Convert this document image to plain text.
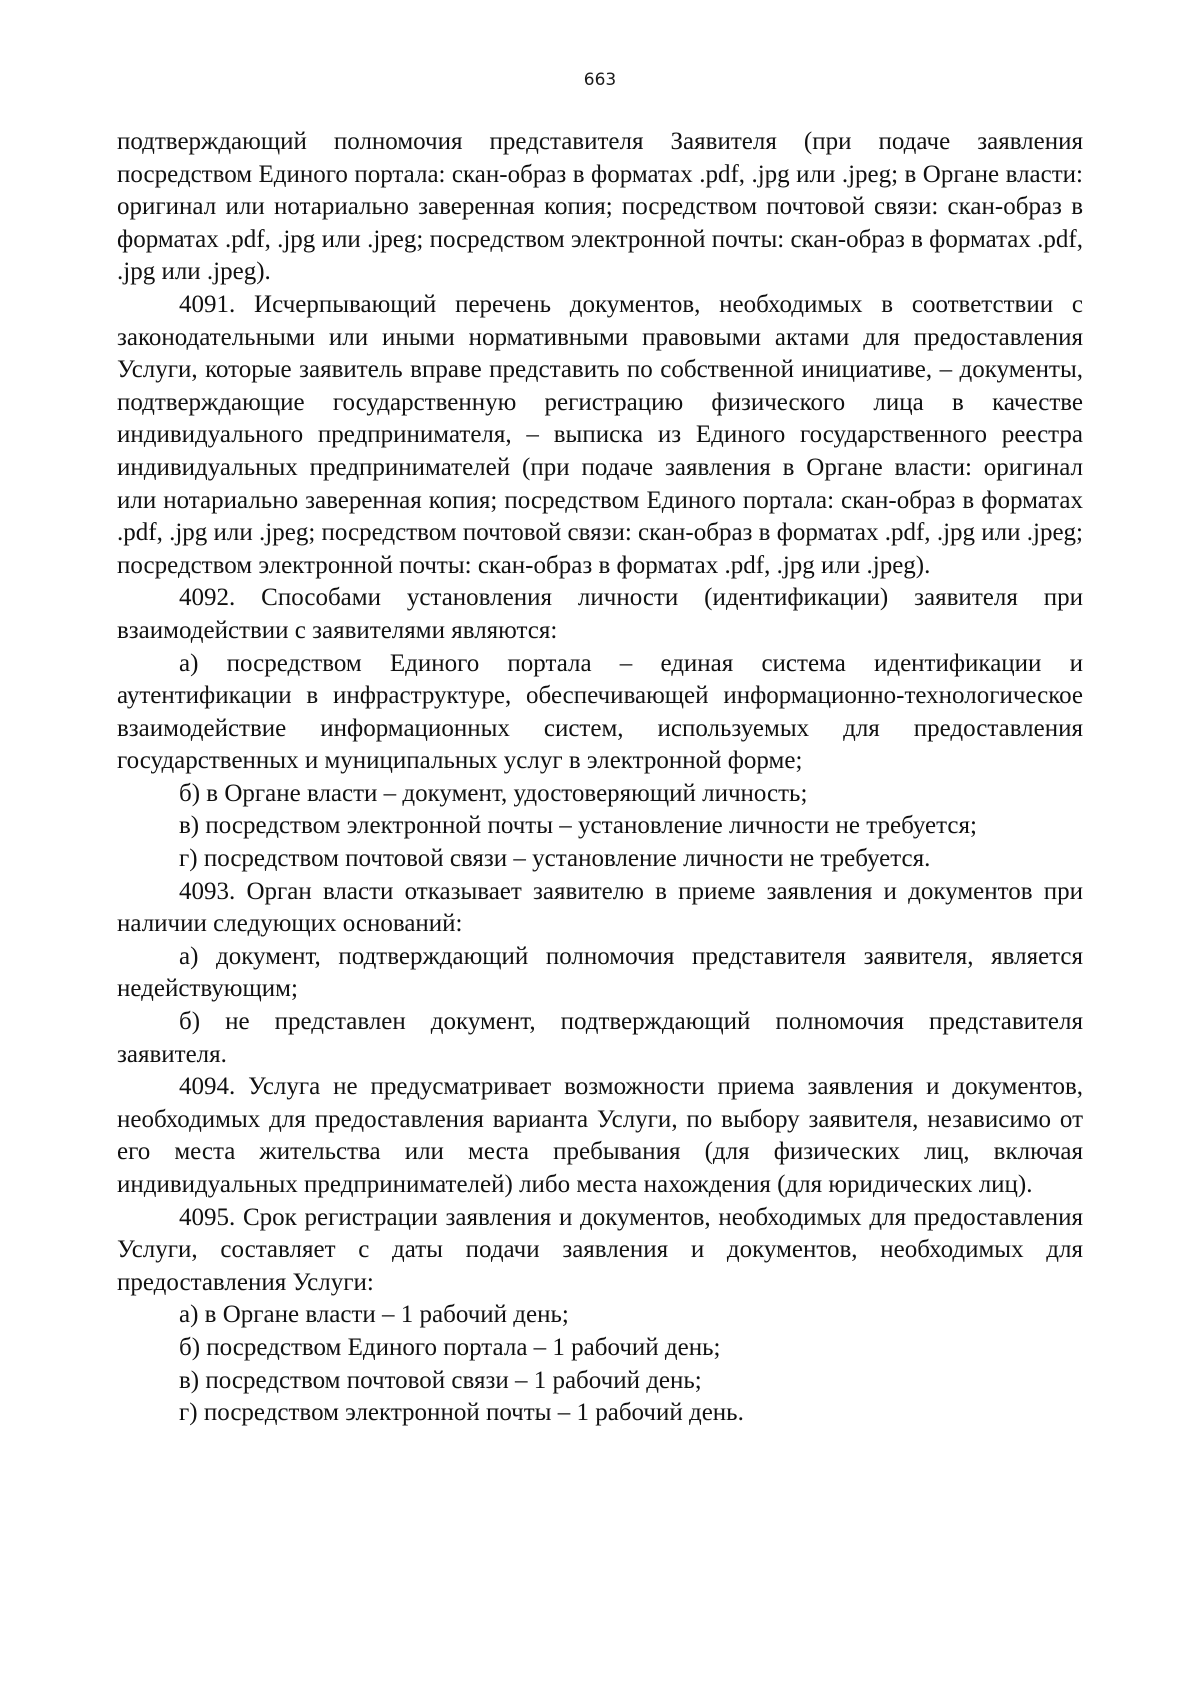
663

подтверждающий полномочия представителя Заявителя (при подаче заявления посредством Единого портала: скан-образ в форматах .pdf, .jpg или .jpeg; в Органе власти: оригинал или нотариально заверенная копия; посредством почтовой связи: скан-образ в форматах .pdf, .jpg или .jpeg; посредством электронной почты: скан-образ в форматах .pdf, .jpg или .jpeg).

4091. Исчерпывающий перечень документов, необходимых в соответствии с законодательными или иными нормативными правовыми актами для предоставления Услуги, которые заявитель вправе представить по собственной инициативе, – документы, подтверждающие государственную регистрацию физического лица в качестве индивидуального предпринимателя, – выписка из Единого государственного реестра индивидуальных предпринимателей (при подаче заявления в Органе власти: оригинал или нотариально заверенная копия; посредством Единого портала: скан-образ в форматах .pdf, .jpg или .jpeg; посредством почтовой связи: скан-образ в форматах .pdf, .jpg или .jpeg; посредством электронной почты: скан-образ в форматах .pdf, .jpg или .jpeg).

4092. Способами установления личности (идентификации) заявителя при взаимодействии с заявителями являются:

а) посредством Единого портала – единая система идентификации и аутентификации в инфраструктуре, обеспечивающей информационно-технологическое взаимодействие информационных систем, используемых для предоставления государственных и муниципальных услуг в электронной форме;

б) в Органе власти – документ, удостоверяющий личность;

в) посредством электронной почты – установление личности не требуется;

г) посредством почтовой связи – установление личности не требуется.

4093. Орган власти отказывает заявителю в приеме заявления и документов при наличии следующих оснований:

а) документ, подтверждающий полномочия представителя заявителя, является недействующим;

б) не представлен документ, подтверждающий полномочия представителя заявителя.

4094. Услуга не предусматривает возможности приема заявления и документов, необходимых для предоставления варианта Услуги, по выбору заявителя, независимо от его места жительства или места пребывания (для физических лиц, включая индивидуальных предпринимателей) либо места нахождения (для юридических лиц).

4095. Срок регистрации заявления и документов, необходимых для предоставления Услуги, составляет с даты подачи заявления и документов, необходимых для предоставления Услуги:

а) в Органе власти – 1 рабочий день;

б) посредством Единого портала – 1 рабочий день;

в) посредством почтовой связи – 1 рабочий день;

г) посредством электронной почты – 1 рабочий день.
